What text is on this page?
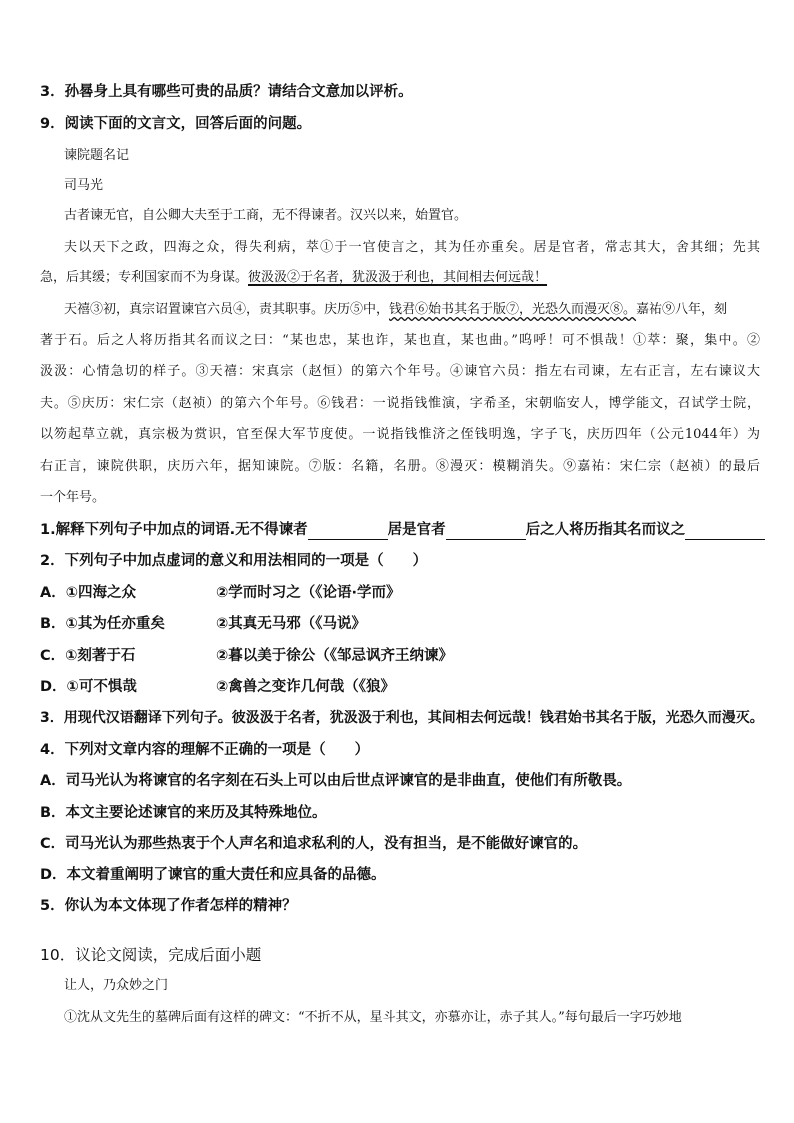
3．孙晷身上具有哪些可贵的品质？请结合文意加以评析。
9．阅读下面的文言文，回答后面的问题。
谏院题名记
司马光
古者谏无官，自公卿大夫至于工商，无不得谏者。汉兴以来，始置官。
夫以天下之政，四海之众，得失利病，萃①于一官使言之，其为任亦重矣。居是官者，常志其大，舍其细；先其
急，后其缓；专利国家而不为身谋。彼汲汲②于名者，犹汲汲于利也，其间相去何远哉！
天禧③初，真宗诏置谏官六员④，责其职事。庆历⑤中，钱君⑥始书其名于版⑦，光恐久而漫灭⑧。嘉祐⑨八年，刻
著于石。后之人将历指其名而议之曰：“某也忠，某也诈，某也直，某也曲。”呜呼！可不惧哉！①萃：聚，集中。②
汲汲：心情急切的样子。③天禧：宋真宗（赵恒）的第六个年号。④谏官六员：指左右司谏，左右正言，左右谏议大
夫。⑤庆历：宋仁宗（赵祯）的第六个年号。⑥钱君：一说指钱惟演，字希圣，宋朝临安人，博学能文，召试学士院，
以笏起草立就，真宗极为赏识，官至保大军节度使。一说指钱惟济之侄钱明逸，字子飞，庆历四年（公元1044年）为
右正言，谏院供职，庆历六年，据知谏院。⑦版：名籍，名册。⑧漫灭：模糊消失。⑨嘉祐：宋仁宗（赵祯）的最后
一个年号。
1.解释下列句子中加点的词语.无不得谏者	居是官者	后之人将历指其名而议之
2．下列句子中加点虚词的意义和用法相同的一项是（　　）
A．①四海之众	②学而时习之（《论语·学而》
B．①其为任亦重矣	②其真无马邪（《马说》
C．①刻著于石	②暮以美于徐公（《邹忌讽齐王纳谏》
D．①可不惧哉	②禽兽之变诈几何哉（《狼》
3．用现代汉语翻译下列句子。彼汲汲于名者，犹汲汲于利也，其间相去何远哉！钱君始书其名于版，光恐久而漫灭。
4．下列对文章内容的理解不正确的一项是（　　）
A．司马光认为将谏官的名字刻在石头上可以由后世点评谏官的是非曲直，使他们有所敬畏。
B．本文主要论述谏官的来历及其特殊地位。
C．司马光认为那些热衷于个人声名和追求私利的人，没有担当，是不能做好谏官的。
D．本文着重阐明了谏官的重大责任和应具备的品德。
5．你认为本文体现了作者怎样的精神？
10．议论文阅读，完成后面小题
让人，乃众妙之门
①沈从文先生的墓碑后面有这样的碑文：“不折不从，星斗其文，亦慕亦让，赤子其人。”每句最后一字巧妙地
